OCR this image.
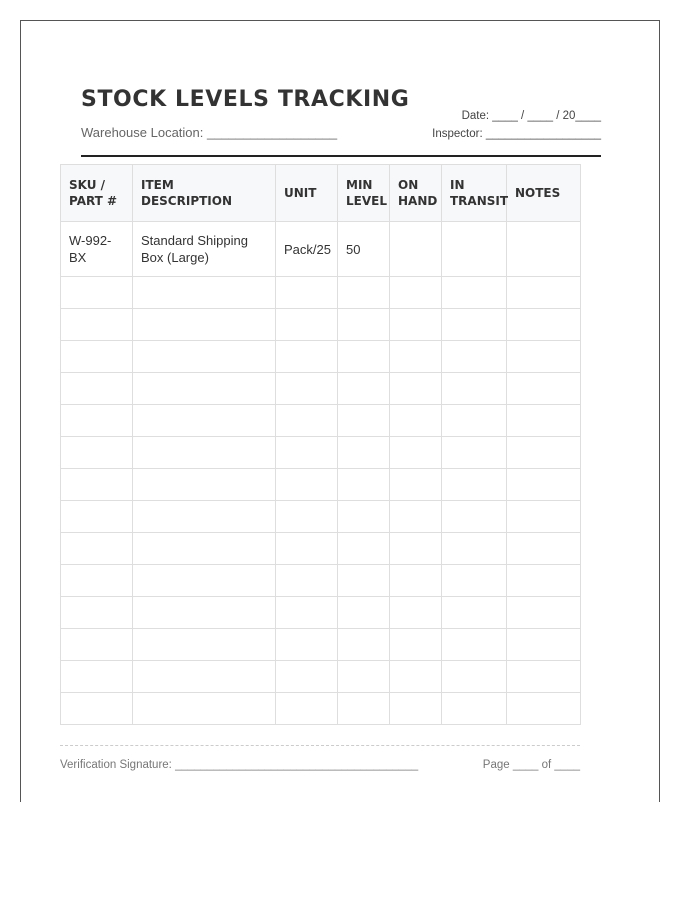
STOCK LEVELS TRACKING
Warehouse Location: __________________
Date: ____ / ____ / 20____
Inspector: __________________
SKU / PART #	ITEM DESCRIPTION	UNIT	MIN LEVEL	ON HAND	IN TRANSIT	NOTES
W-992-BX	Standard Shipping Box (Large)	Pack/25	50			

Verification Signature: ______________________________________	Page ____ of ____
